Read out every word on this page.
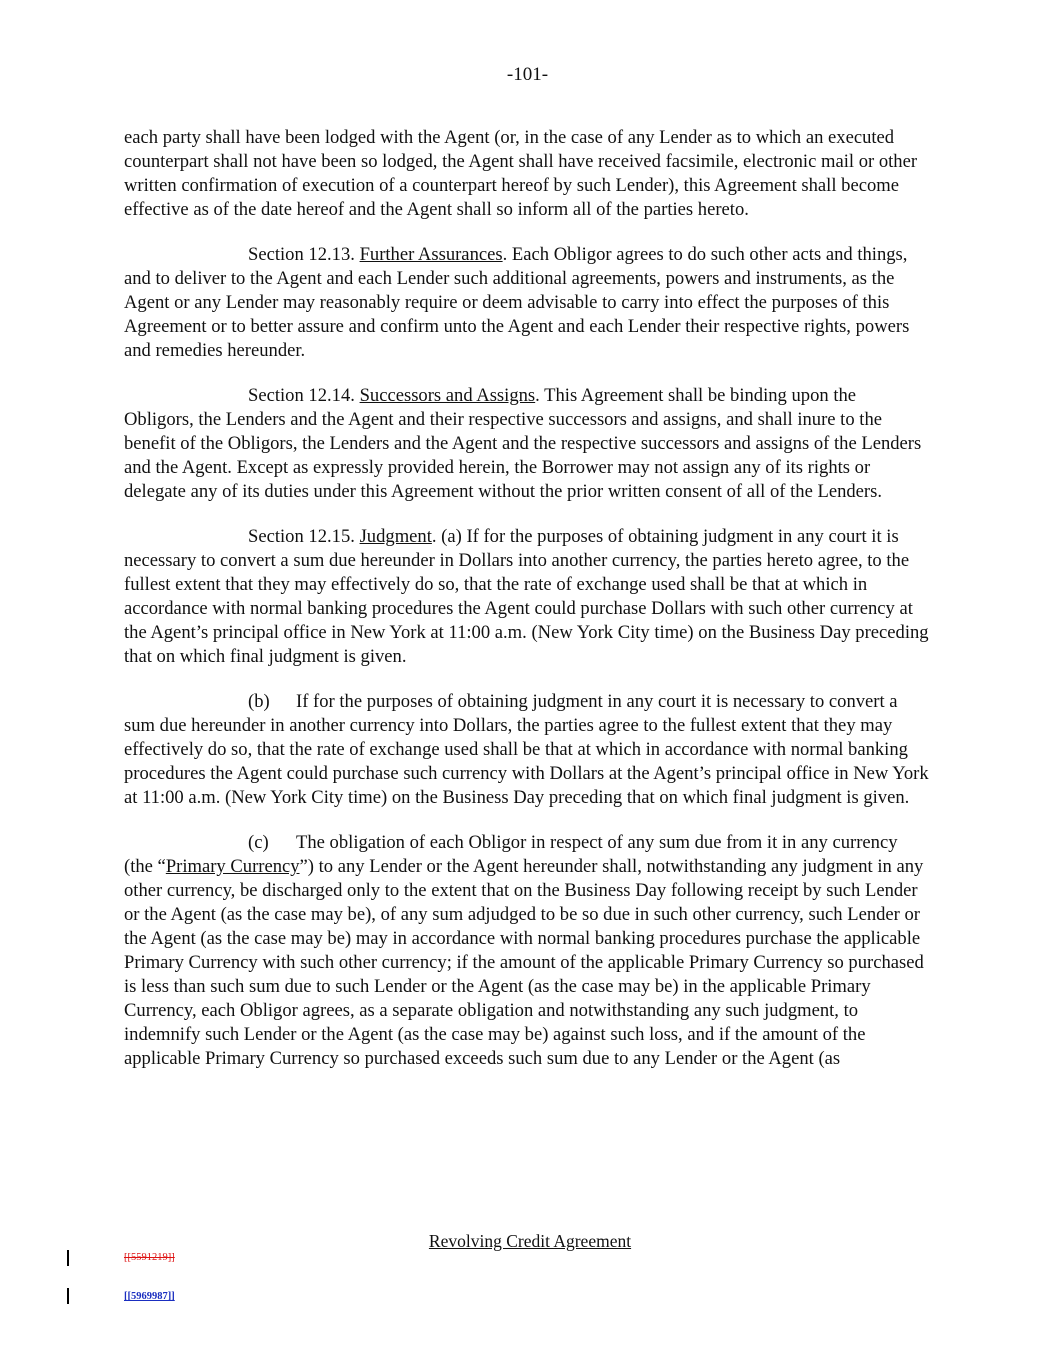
-101-

each party shall have been lodged with the Agent (or, in the case of any Lender as to which an executed counterpart shall not have been so lodged, the Agent shall have received facsimile, electronic mail or other written confirmation of execution of a counterpart hereof by such Lender), this Agreement shall become effective as of the date hereof and the Agent shall so inform all of the parties hereto.

Section 12.13. Further Assurances. Each Obligor agrees to do such other acts and things, and to deliver to the Agent and each Lender such additional agreements, powers and instruments, as the Agent or any Lender may reasonably require or deem advisable to carry into effect the purposes of this Agreement or to better assure and confirm unto the Agent and each Lender their respective rights, powers and remedies hereunder.

Section 12.14. Successors and Assigns. This Agreement shall be binding upon the Obligors, the Lenders and the Agent and their respective successors and assigns, and shall inure to the benefit of the Obligors, the Lenders and the Agent and the respective successors and assigns of the Lenders and the Agent. Except as expressly provided herein, the Borrower may not assign any of its rights or delegate any of its duties under this Agreement without the prior written consent of all of the Lenders.

Section 12.15. Judgment. (a) If for the purposes of obtaining judgment in any court it is necessary to convert a sum due hereunder in Dollars into another currency, the parties hereto agree, to the fullest extent that they may effectively do so, that the rate of exchange used shall be that at which in accordance with normal banking procedures the Agent could purchase Dollars with such other currency at the Agent’s principal office in New York at 11:00 a.m. (New York City time) on the Business Day preceding that on which final judgment is given.

(b) If for the purposes of obtaining judgment in any court it is necessary to convert a sum due hereunder in another currency into Dollars, the parties agree to the fullest extent that they may effectively do so, that the rate of exchange used shall be that at which in accordance with normal banking procedures the Agent could purchase such currency with Dollars at the Agent’s principal office in New York at 11:00 a.m. (New York City time) on the Business Day preceding that on which final judgment is given.

(c) The obligation of each Obligor in respect of any sum due from it in any currency (the “Primary Currency”) to any Lender or the Agent hereunder shall, notwithstanding any judgment in any other currency, be discharged only to the extent that on the Business Day following receipt by such Lender or the Agent (as the case may be), of any sum adjudged to be so due in such other currency, such Lender or the Agent (as the case may be) may in accordance with normal banking procedures purchase the applicable Primary Currency with such other currency; if the amount of the applicable Primary Currency so purchased is less than such sum due to such Lender or the Agent (as the case may be) in the applicable Primary Currency, each Obligor agrees, as a separate obligation and notwithstanding any such judgment, to indemnify such Lender or the Agent (as the case may be) against such loss, and if the amount of the applicable Primary Currency so purchased exceeds such sum due to any Lender or the Agent (as

Revolving Credit Agreement
[[5591219]]
[[5969987]]
